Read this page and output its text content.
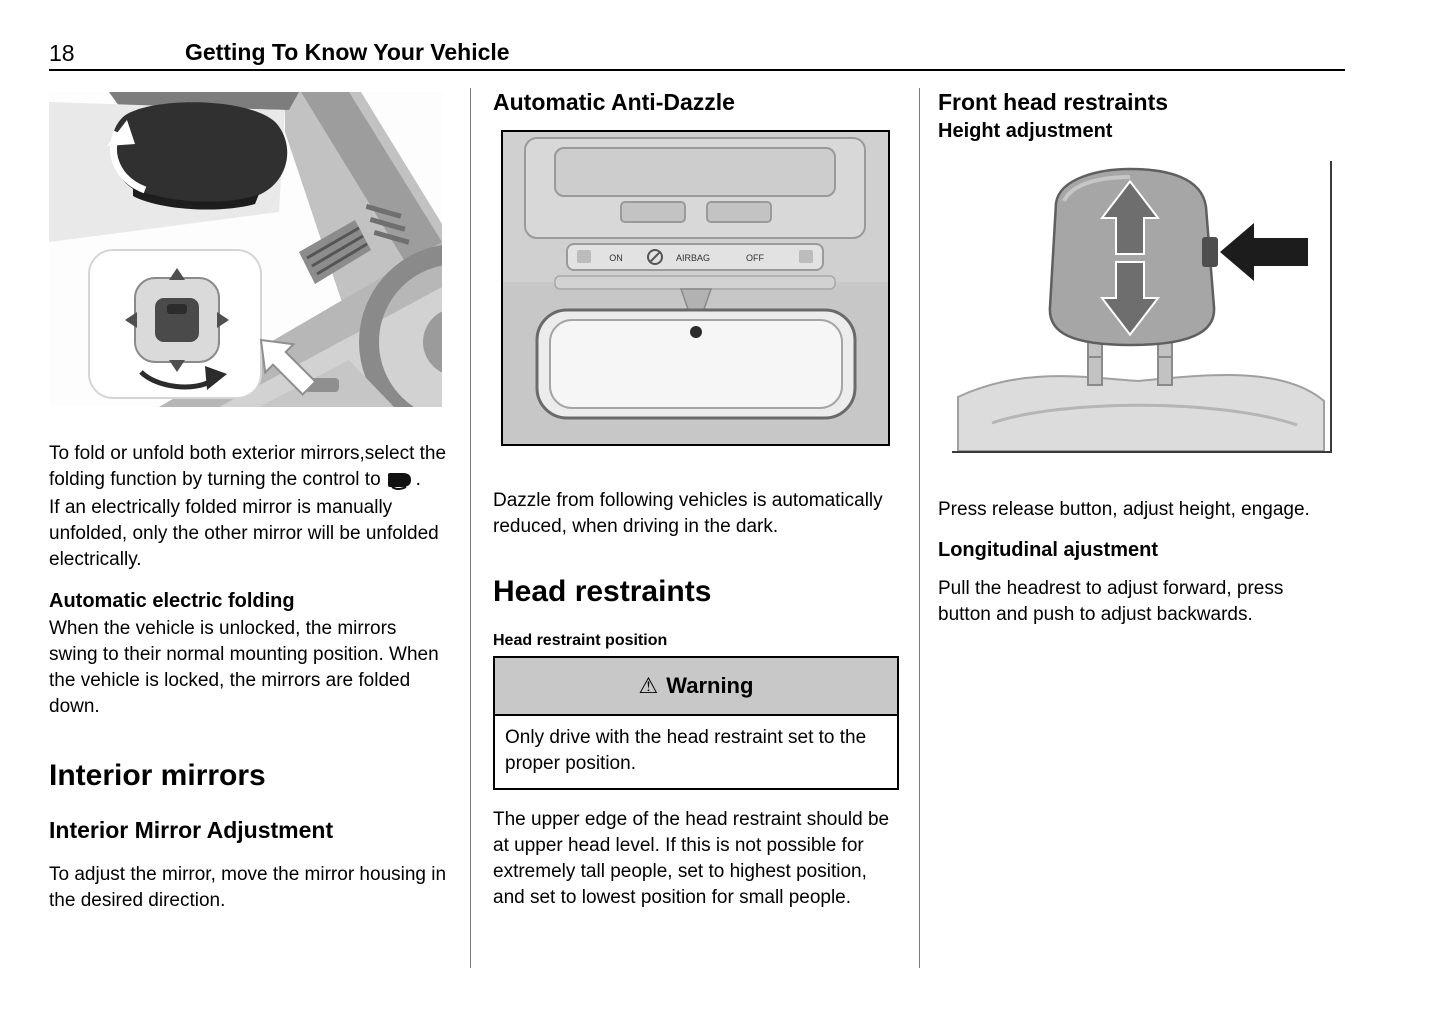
18	Getting To Know Your Vehicle

To fold or unfold both exterior mirrors,select the folding function by turning the control to .

If an electrically folded mirror is manually unfolded, only the other mirror will be unfolded electrically.

Automatic electric folding

When the vehicle is unlocked, the mirrors swing to their normal mounting position. When the vehicle is locked, the mirrors are folded down.

Interior mirrors
Interior Mirror Adjustment

To adjust the mirror, move the mirror housing in the desired direction.

Automatic Anti-Dazzle
ON	AIRBAG	OFF

Dazzle from following vehicles is automatically reduced, when driving in the dark.

Head restraints
Head restraint position
⚠ Warning
Only drive with the head restraint set to the proper position.

The upper edge of the head restraint should be at upper head level. If this is not possible for extremely tall people, set to highest position, and set to lowest position for small people.

Front head restraints
Height adjustment

Press release button, adjust height, engage.

Longitudinal ajustment

Pull the headrest to adjust forward, press button and push to adjust backwards.
